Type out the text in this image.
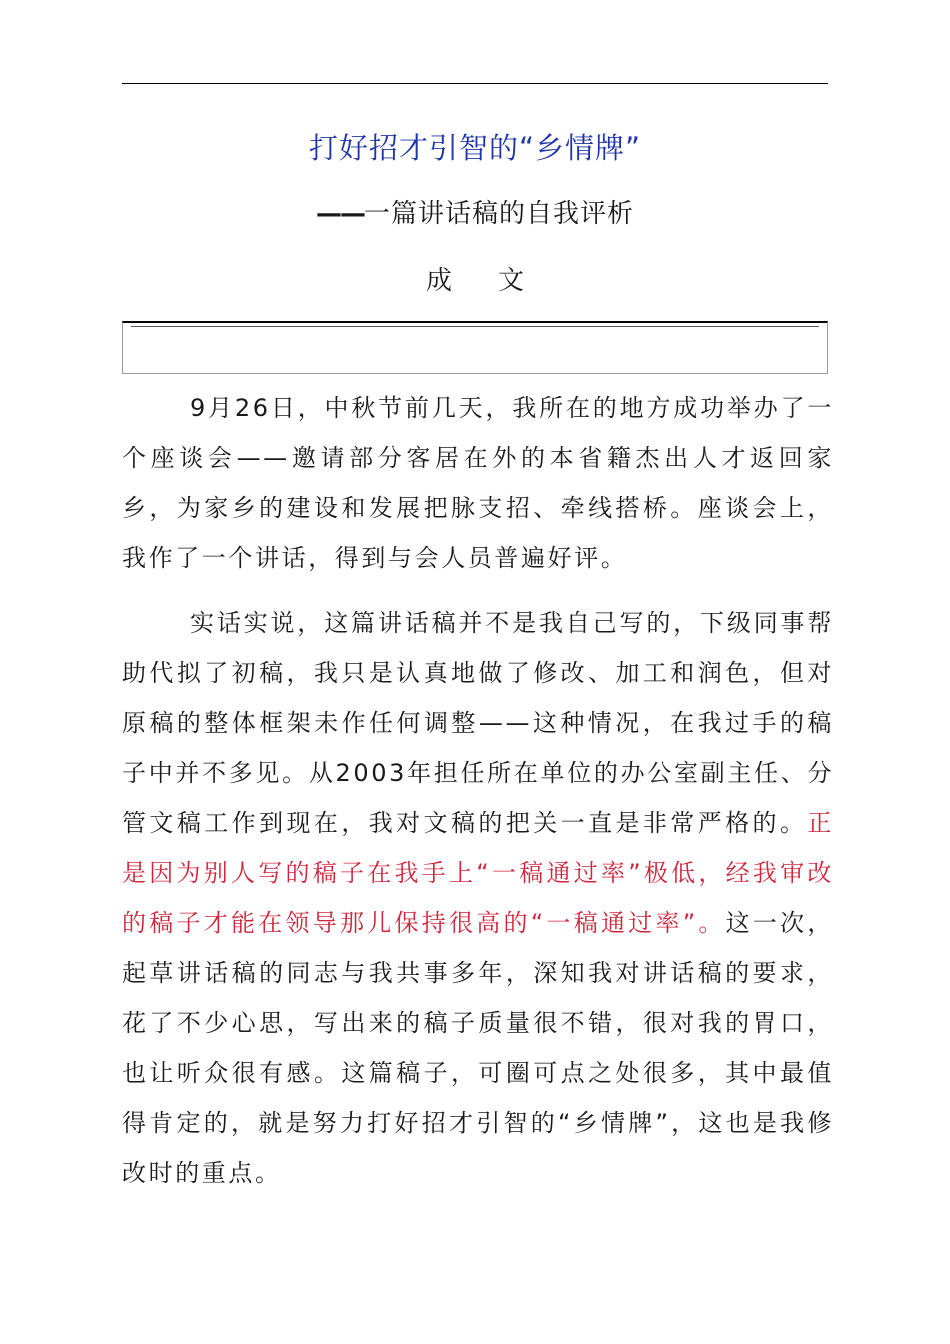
打好招才引智的“乡情牌”
——一篇讲话稿的自我评析
成 文

9月26日，中秋节前几天，我所在的地方成功举办了一个座谈会——邀请部分客居在外的本省籍杰出人才返回家乡，为家乡的建设和发展把脉支招、牵线搭桥。座谈会上，我作了一个讲话，得到与会人员普遍好评。

实话实说，这篇讲话稿并不是我自己写的，下级同事帮助代拟了初稿，我只是认真地做了修改、加工和润色，但对原稿的整体框架未作任何调整——这种情况，在我过手的稿子中并不多见。从2003年担任所在单位的办公室副主任、分管文稿工作到现在，我对文稿的把关一直是非常严格的。正是因为别人写的稿子在我手上“一稿通过率”极低，经我审改的稿子才能在领导那儿保持很高的“一稿通过率”。这一次，起草讲话稿的同志与我共事多年，深知我对讲话稿的要求，花了不少心思，写出来的稿子质量很不错，很对我的胃口，也让听众很有感。这篇稿子，可圈可点之处很多，其中最值得肯定的，就是努力打好招才引智的“乡情牌”，这也是我修改时的重点。
